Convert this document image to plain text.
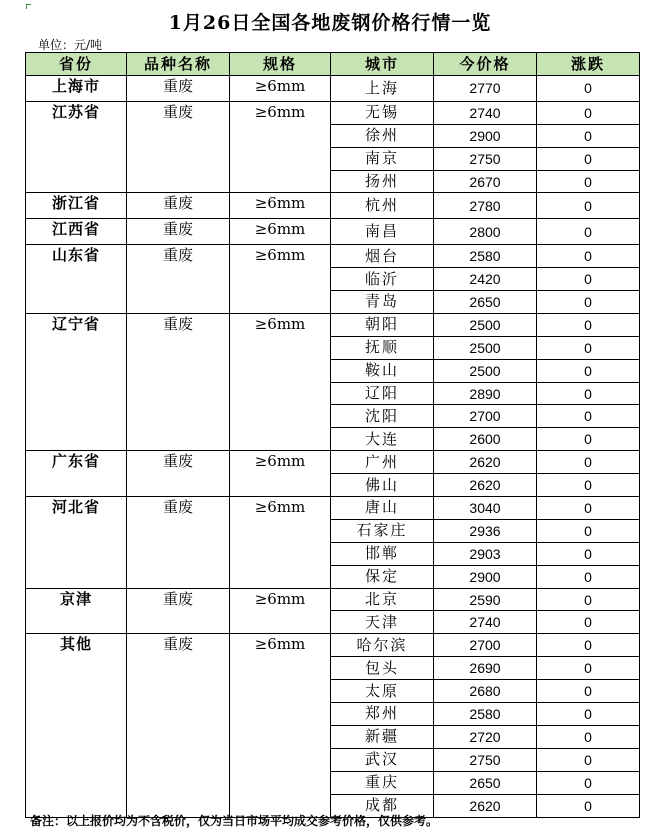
1月26日全国各地废钢价格行情一览
单位：元/吨
省份	品种名称	规格	城市	今价格	涨跌
上海市	重废	≥6mm	上海	2770	0
江苏省	重废	≥6mm	无锡	2740	0
			徐州	2900	0
			南京	2750	0
			扬州	2670	0
浙江省	重废	≥6mm	杭州	2780	0
江西省	重废	≥6mm	南昌	2800	0
山东省	重废	≥6mm	烟台	2580	0
			临沂	2420	0
			青岛	2650	0
辽宁省	重废	≥6mm	朝阳	2500	0
			抚顺	2500	0
			鞍山	2500	0
			辽阳	2890	0
			沈阳	2700	0
			大连	2600	0
广东省	重废	≥6mm	广州	2620	0
			佛山	2620	0
河北省	重废	≥6mm	唐山	3040	0
			石家庄	2936	0
			邯郸	2903	0
			保定	2900	0
京津	重废	≥6mm	北京	2590	0
			天津	2740	0
其他	重废	≥6mm	哈尔滨	2700	0
			包头	2690	0
			太原	2680	0
			郑州	2580	0
			新疆	2720	0
			武汉	2750	0
			重庆	2650	0
			成都	2620	0
备注：以上报价均为不含税价，仅为当日市场平均成交参考价格，仅供参考。
